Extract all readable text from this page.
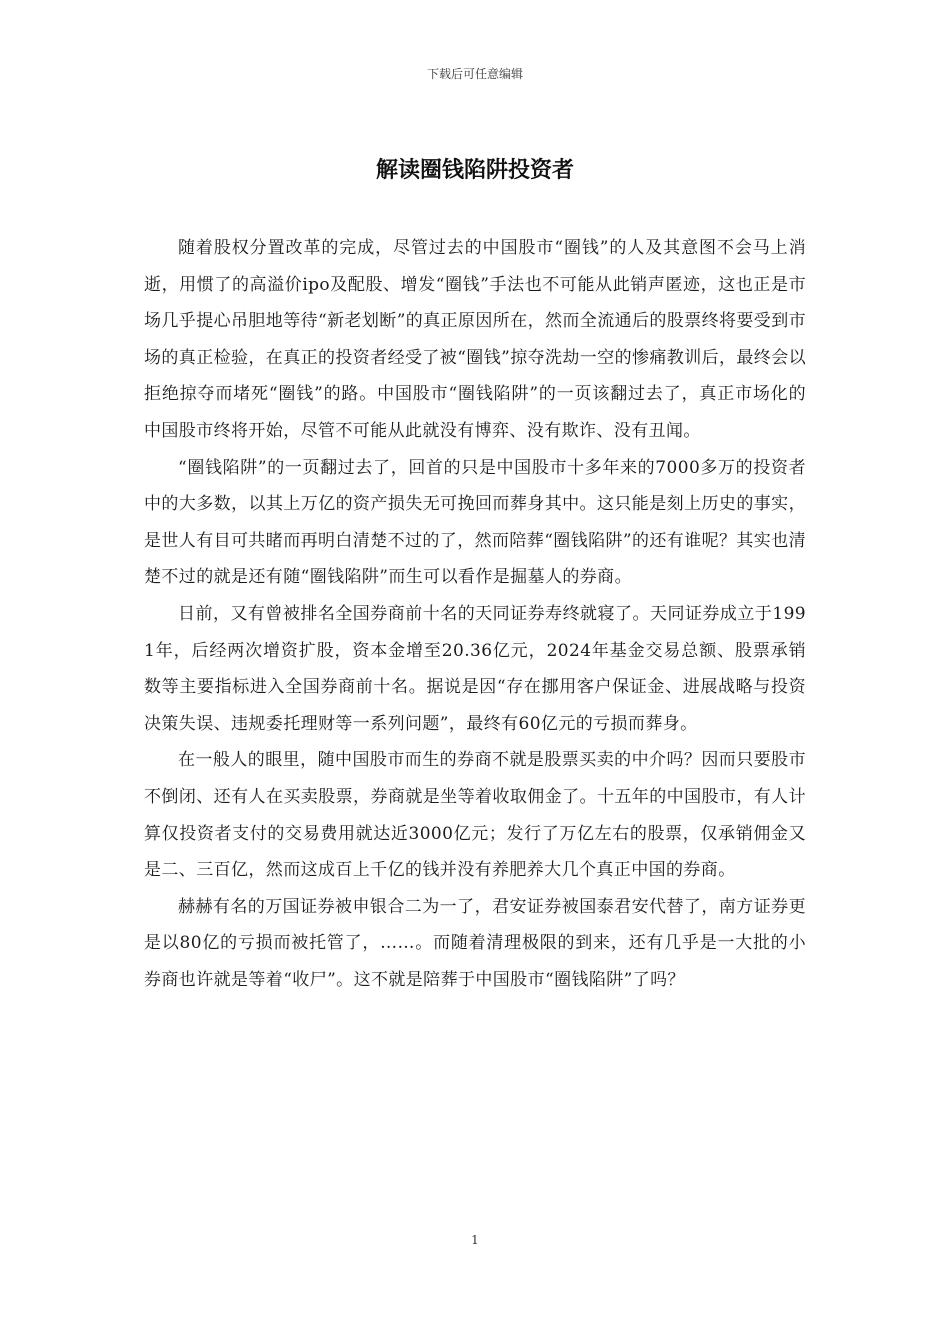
下载后可任意编辑
解读圈钱陷阱投资者

随着股权分置改革的完成，尽管过去的中国股市“圈钱”的人及其意图不会马上消逝，用惯了的高溢价ipo及配股、增发“圈钱”手法也不可能从此销声匿迹，这也正是市场几乎提心吊胆地等待“新老划断”的真正原因所在，然而全流通后的股票终将要受到市场的真正检验，在真正的投资者经受了被“圈钱”掠夺洗劫一空的惨痛教训后，最终会以拒绝掠夺而堵死“圈钱”的路。中国股市“圈钱陷阱”的一页该翻过去了，真正市场化的中国股市终将开始，尽管不可能从此就没有博弈、没有欺诈、没有丑闻。

“圈钱陷阱”的一页翻过去了，回首的只是中国股市十多年来的7000多万的投资者中的大多数，以其上万亿的资产损失无可挽回而葬身其中。这只能是刻上历史的事实，是世人有目可共睹而再明白清楚不过的了，然而陪葬“圈钱陷阱”的还有谁呢？其实也清楚不过的就是还有随“圈钱陷阱”而生可以看作是掘墓人的券商。

日前，又有曾被排名全国券商前十名的天同证券寿终就寝了。天同证券成立于1991年，后经两次增资扩股，资本金增至20.36亿元，2024年基金交易总额、股票承销数等主要指标进入全国券商前十名。据说是因“存在挪用客户保证金、进展战略与投资决策失误、违规委托理财等一系列问题”，最终有60亿元的亏损而葬身。

在一般人的眼里，随中国股市而生的券商不就是股票买卖的中介吗？因而只要股市不倒闭、还有人在买卖股票，券商就是坐等着收取佣金了。十五年的中国股市，有人计算仅投资者支付的交易费用就达近3000亿元；发行了万亿左右的股票，仅承销佣金又是二、三百亿，然而这成百上千亿的钱并没有养肥养大几个真正中国的券商。

赫赫有名的万国证券被申银合二为一了，君安证券被国泰君安代替了，南方证券更是以80亿的亏损而被托管了，……。而随着清理极限的到来，还有几乎是一大批的小券商也许就是等着“收尸”。这不就是陪葬于中国股市“圈钱陷阱”了吗？

1
